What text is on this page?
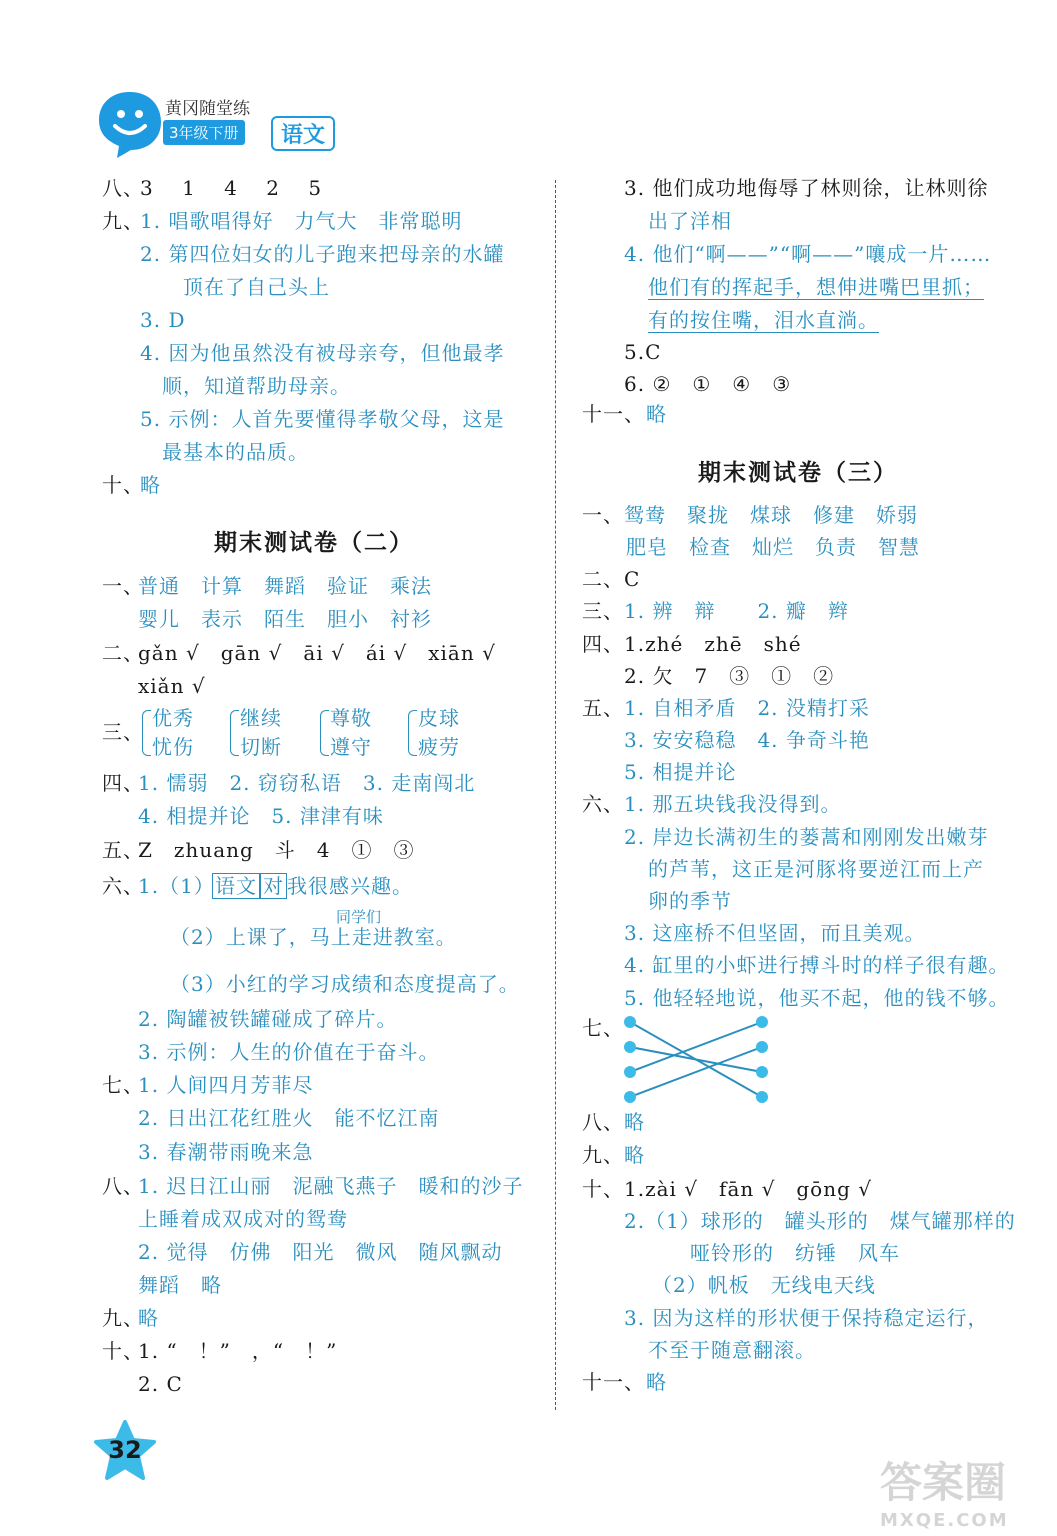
黄冈随堂练
3年级下册	语文
八、
3　 1　 4　 2　 5
九、
1. 唱歌唱得好　力气大　非常聪明
2. 第四位妇女的儿子跑来把母亲的水罐
　顶在了自己头上
3. D
4. 因为他虽然没有被母亲夸，但他最孝
顺，知道帮助母亲。
5. 示例：人首先要懂得孝敬父母，这是
最基本的品质。
十、
略
一、
普通　计算　舞蹈　验证　乘法
婴儿　表示　陌生　胆小　衬衫
二、
gǎn √　gān √　āi √　ái √　xiān √
xiǎn √
三、
四、
1. 懦弱　2. 窃窃私语　3. 走南闯北
4. 相提并论　5. 津津有味
五、
Z　zhuang　斗　4　①　③
六、
1.（1）
（2）上课了，马上走进教室。
（3）小红的学习成绩和态度提高了。
2. 陶罐被铁罐碰成了碎片。
3. 示例：人生的价值在于奋斗。
七、
1. 人间四月芳菲尽
2. 日出江花红胜火　能不忆江南
3. 春潮带雨晚来急
八、
1. 迟日江山丽　泥融飞燕子　暖和的沙子
上睡着成双成对的鸳鸯
2. 觉得　仿佛　阳光　微风　随风飘动
舞蹈　略
九、
略
十、
1. “　！”　，“　！”
2. C
3. 他们成功地侮辱了林则徐，让林则徐
出了洋相
4. 他们“啊——”“啊——”嚷成一片……
他们有的挥起手，想伸进嘴巴里抓；
有的按住嘴，泪水直淌。
5.C
6. ②　①　④　③
十一、 略
一、 鸳鸯　聚拢　煤球　修建　娇弱
肥皂　检查　灿烂　负责　智慧
二、 C
三、 1. 辨　辩　　2. 瓣　辫
四、 1.zhé　zhē　shé
2. 欠　7　③　①　②
五、 1. 自相矛盾　2. 没精打采
3. 安安稳稳　4. 争奇斗艳
5. 相提并论
六、 1. 那五块钱我没得到。
2. 岸边长满初生的蒌蒿和刚刚发出嫩芽
的芦苇，这正是河豚将要逆江而上产
卵的季节
3. 这座桥不但坚固，而且美观。
4. 缸里的小虾进行搏斗时的样子很有趣。
5. 他轻轻地说，他买不起，他的钱不够。
七、
八、 略
九、 略
十、 1.zài √　fān √　gōng √
2.（1）球形的　罐头形的　煤气罐那样的
　　哑铃形的　纺锤　风车
（2）帆板　无线电天线
3. 因为这样的形状便于保持稳定运行，
不至于随意翻滚。
十一、 略
期末测试卷（二）
期末测试卷（三）
优秀
忧伤
继续
切断
尊敬
遵守
皮球
疲劳
语文 对 我很感兴趣。
同学们
32
答案圈
MXQE.COM
